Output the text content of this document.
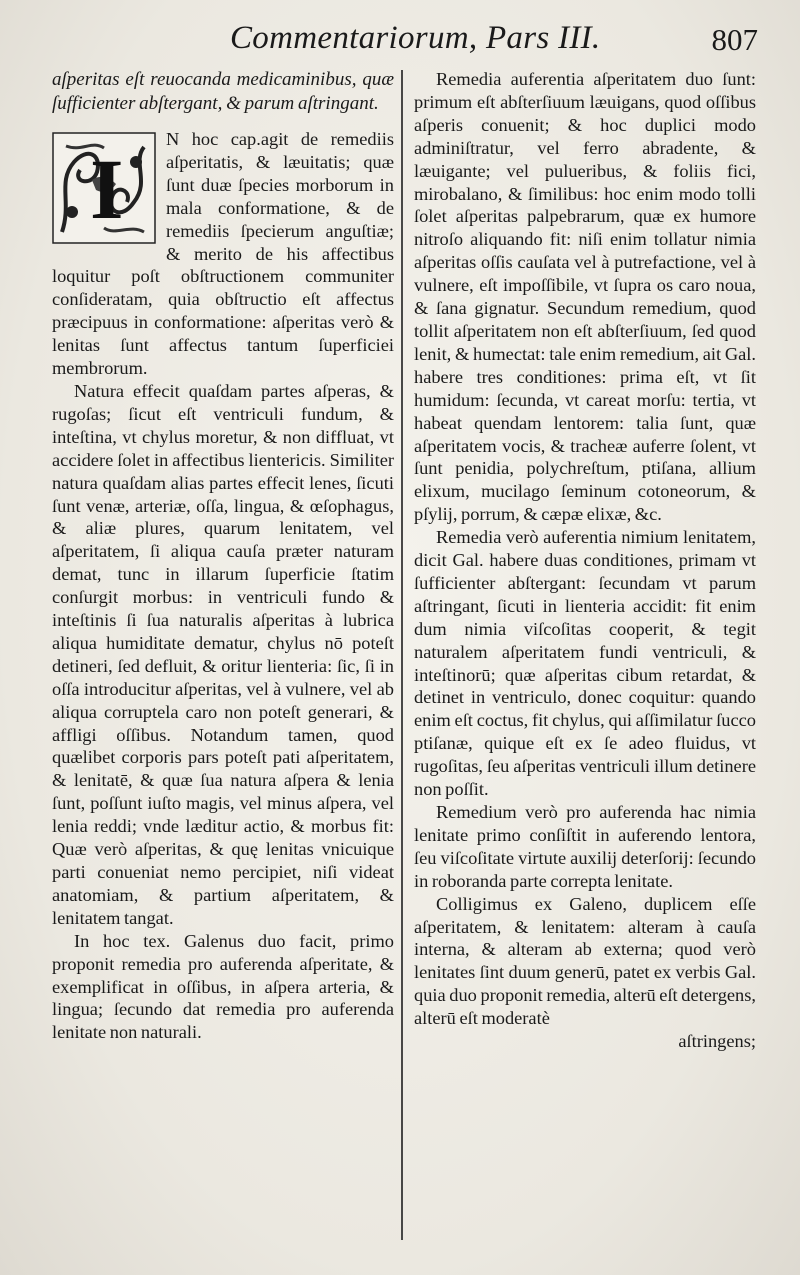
Commentariorum, Pars III.	807

aſperitas eſt reuocanda medicaminibus, quæ ſufficienter abſtergant, & parum aſtringant.

I

N hoc cap.agit de remediis aſperitatis, & læuitatis; quæ ſunt duæ ſpecies morborum in mala conformatione, & de remediis ſpecierum anguſtiæ; & merito de his affectibus loquitur poſt obſtructionem communiter conſideratam, quia obſtructio eſt affectus præcipuus in conformatione: aſperitas verò & lenitas ſunt affectus tantum ſuperficiei membrorum.

Natura effecit quaſdam partes aſperas, & rugoſas; ſicut eſt ventriculi fundum, & inteſtina, vt chylus moretur, & non diffluat, vt accidere ſolet in affectibus lientericis. Similiter natura quaſdam alias partes effecit lenes, ſicuti ſunt venæ, arteriæ, oſſa, lingua, & œſophagus, & aliæ plures, quarum lenitatem, vel aſperitatem, ſi aliqua cauſa præter naturam demat, tunc in illarum ſuperficie ſtatim conſurgit morbus: in ventriculi fundo & inteſtinis ſi ſua naturalis aſperitas à lubrica aliqua humiditate dematur, chylus nō poteſt detineri, ſed defluit, & oritur lienteria: ſic, ſi in oſſa introducitur aſperitas, vel à vulnere, vel ab aliqua corruptela caro non poteſt generari, & affligi oſſibus. Notandum tamen, quod quælibet corporis pars poteſt pati aſperitatem, & lenitatē, & quæ ſua natura aſpera & lenia ſunt, poſſunt iuſto magis, vel minus aſpera, vel lenia reddi; vnde læditur actio, & morbus fit: Quæ verò aſperitas, & quę lenitas vnicuique parti conueniat nemo percipiet, niſi videat anatomiam, & partium aſperitatem, & lenitatem tangat.

In hoc tex. Galenus duo facit, primo proponit remedia pro auferenda aſperitate, & exemplificat in oſſibus, in aſpera arteria, & lingua; ſecundo dat remedia pro auferenda lenitate non naturali.

Remedia auferentia aſperitatem duo ſunt: primum eſt abſterſiuum læuigans, quod oſſibus aſperis conuenit; & hoc duplici modo adminiſtratur, vel ferro abradente, & læuigante; vel pulueribus, & foliis fici, mirobalano, & ſimilibus: hoc enim modo tolli ſolet aſperitas palpebrarum, quæ ex humore nitroſo aliquando fit: niſi enim tollatur nimia aſperitas oſſis cauſata vel à putrefactione, vel à vulnere, eſt impoſſibile, vt ſupra os caro noua, & ſana gignatur. Secundum remedium, quod tollit aſperitatem non eſt abſterſiuum, ſed quod lenit, & humectat: tale enim remedium, ait Gal. habere tres conditiones: prima eſt, vt ſit humidum: ſecunda, vt careat morſu: tertia, vt habeat quendam lentorem: talia ſunt, quæ aſperitatem vocis, & tracheæ auferre ſolent, vt ſunt penidia, polychreſtum, ptiſana, allium elixum, mucilago ſeminum cotoneorum, & pſylij, porrum, & cæpæ elixæ, &c.

Remedia verò auferentia nimium lenitatem, dicit Gal. habere duas conditiones, primam vt ſufficienter abſtergant: ſecundam vt parum aſtringant, ſicuti in lienteria accidit: fit enim dum nimia viſcoſitas cooperit, & tegit naturalem aſperitatem fundi ventriculi, & inteſtinorū; quæ aſperitas cibum retardat, & detinet in ventriculo, donec coquitur: quando enim eſt coctus, fit chylus, qui aſſimilatur ſucco ptiſanæ, quique eſt ex ſe adeo fluidus, vt rugoſitas, ſeu aſperitas ventriculi illum detinere non poſſit.

Remedium verò pro auferenda hac nimia lenitate primo conſiſtit in auferendo lentora, ſeu viſcoſitate virtute auxilij deterſorij: ſecundo in roboranda parte correpta lenitate.

Colligimus ex Galeno, duplicem eſſe aſperitatem, & lenitatem: alteram à cauſa interna, & alteram ab externa; quod verò lenitates ſint duum generū, patet ex verbis Gal. quia duo proponit remedia, alterū eſt detergens, alterū eſt moderatè

aſtringens;
